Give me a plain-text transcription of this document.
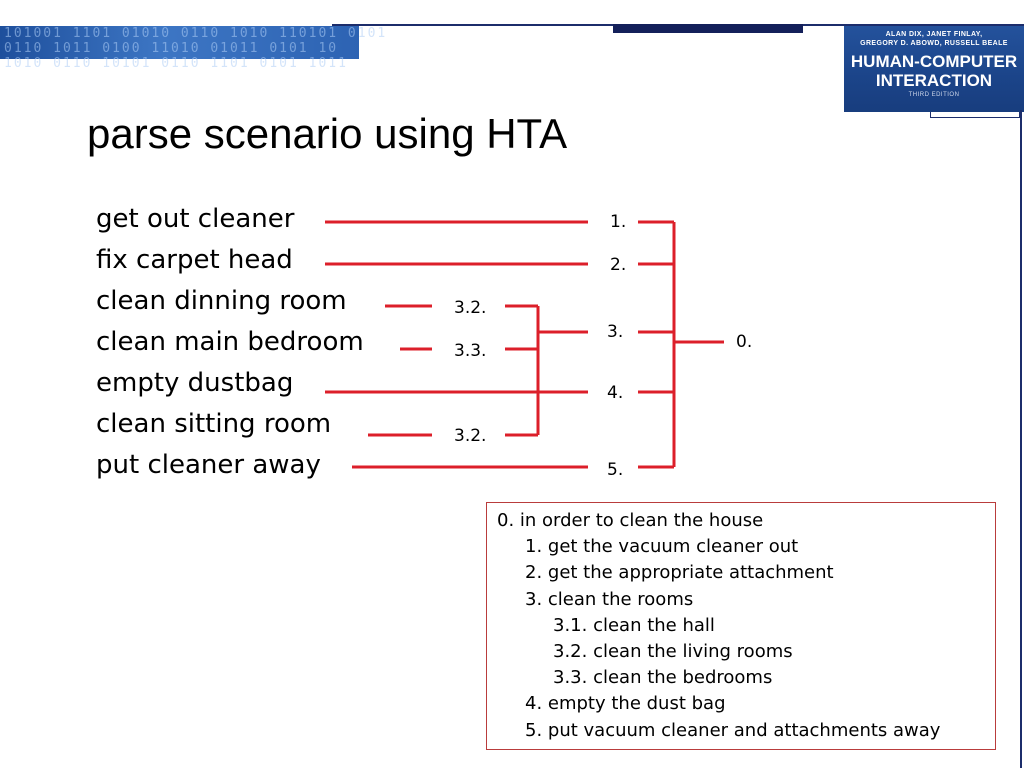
101001 1101 01010 0110 1010 110101 0101
0110 1011 0100 11010 01011 0101 10
1010 0110 10101 0110 1101 0101 1011
ALAN DIX, JANET FINLAY,
GREGORY D. ABOWD, RUSSELL BEALE
HUMAN-COMPUTER
INTERACTION
THIRD EDITION
parse scenario using HTA
get out cleaner
fix carpet head
clean dinning room
clean main bedroom
empty dustbag
clean sitting room
put cleaner away
1.
2.
3.2.
3.	0.
3.3.
4.
3.2.
5.
0. in order to clean the house
1. get the vacuum cleaner out
2. get the appropriate attachment
3. clean the rooms
3.1. clean the hall
3.2. clean the living rooms
3.3. clean the bedrooms
4. empty the dust bag
5. put vacuum cleaner and attachments away
